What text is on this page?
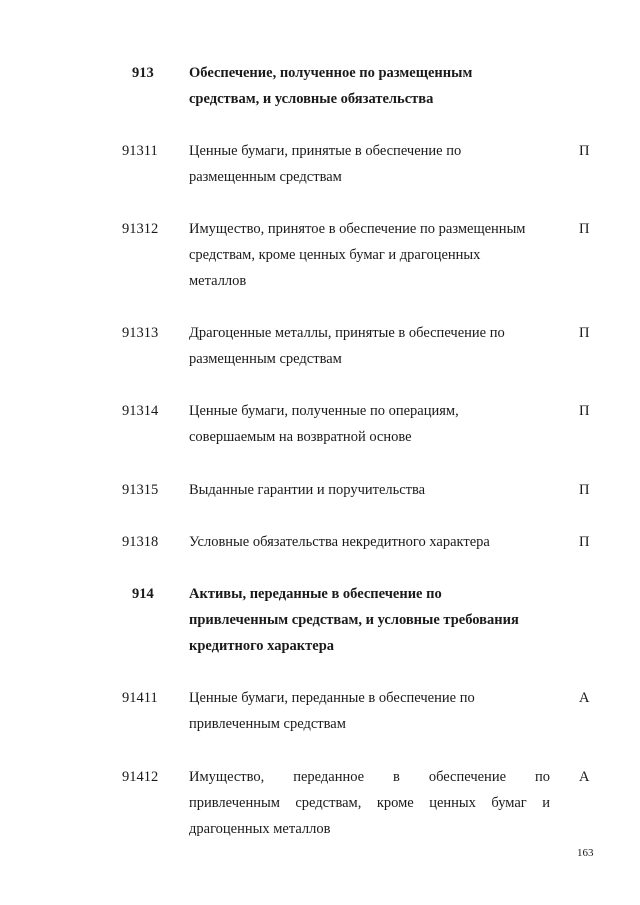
913 Обеспечение, полученное по размещенным
средствам, и условные обязательства
91311 Ценные бумаги, принятые в обеспечение по
размещенным средствам
П
91312 Имущество, принятое в обеспечение по размещенным
средствам, кроме ценных бумаг и драгоценных
металлов
П
91313 Драгоценные металлы, принятые в обеспечение по
размещенным средствам
П
91314 Ценные бумаги, полученные по операциям,
совершаемым на возвратной основе
П
91315 Выданные гарантии и поручительства	П
91318 Условные обязательства некредитного характера	П
914 Активы, переданные в обеспечение по
привлеченным средствам, и условные требования
кредитного характера
91411 Ценные бумаги, переданные в обеспечение по
привлеченным средствам
А
91412 Имущество, переданное в обеспечение по
привлеченным средствам, кроме ценных бумаг и
драгоценных металлов
А
163
